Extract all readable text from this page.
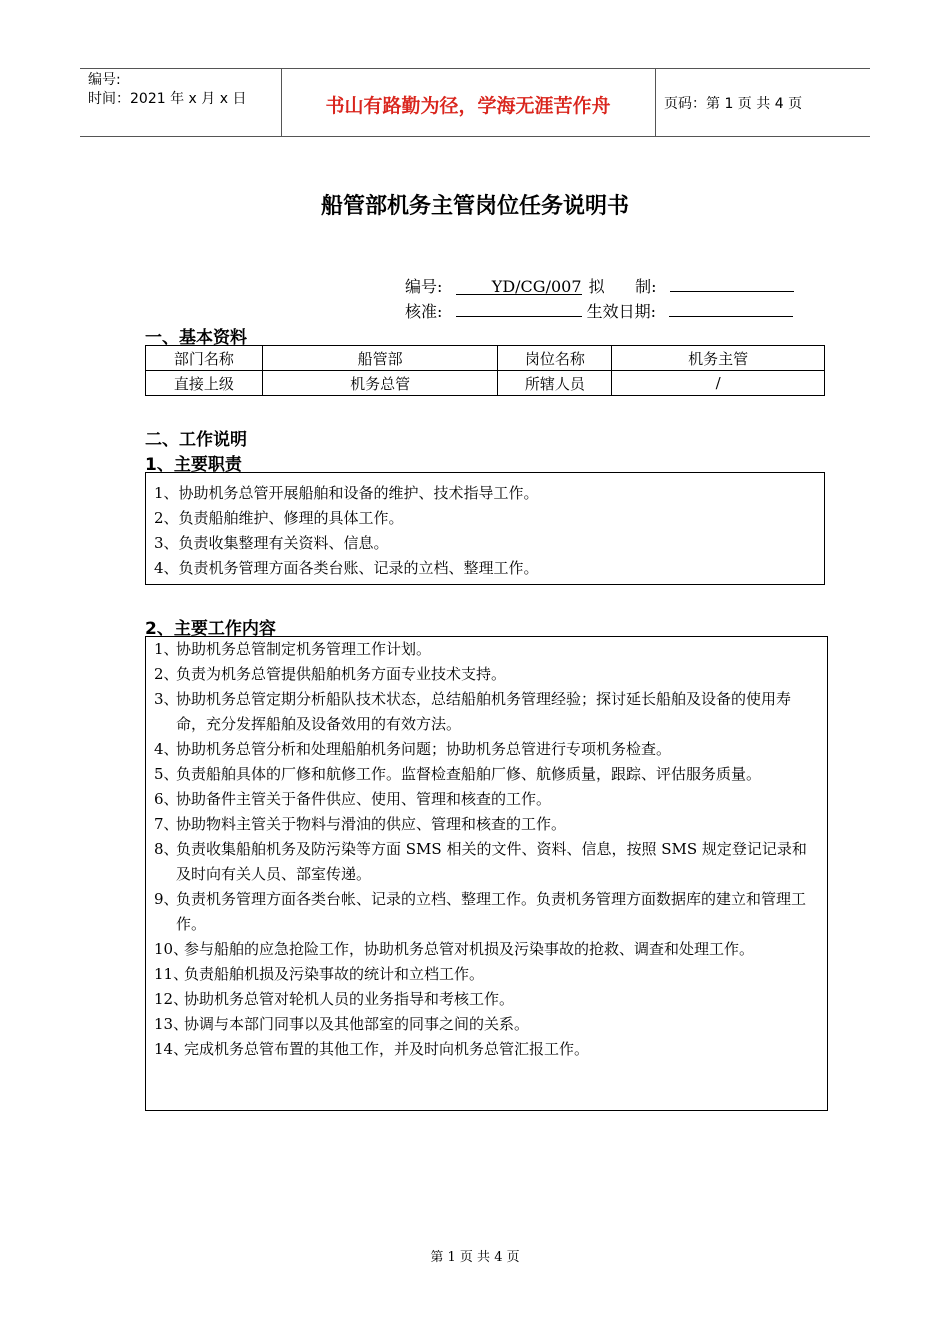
编号:
时间：2021 年 x 月 x 日	书山有路勤为径，学海无涯苦作舟	页码：第 1 页 共 4 页
船管部机务主管岗位任务说明书
编号:	YD/CG/007 拟      制:
核准:	生效日期:
一、基本资料
部门名称	船管部	岗位名称	机务主管
直接上级	机务总管	所辖人员	/
二、工作说明
1、主要职责
1、协助机务总管开展船舶和设备的维护、技术指导工作。
2、负责船舶维护、修理的具体工作。
3、负责收集整理有关资料、信息。
4、负责机务管理方面各类台账、记录的立档、整理工作。
2、主要工作内容
1、
协助机务总管制定机务管理工作计划。
2、
负责为机务总管提供船舶机务方面专业技术支持。
3、
协助机务总管定期分析船队技术状态，总结船舶机务管理经验；探讨延长船舶及设备的使用寿命，充分发挥船舶及设备效用的有效方法。
4、
协助机务总管分析和处理船舶机务问题；协助机务总管进行专项机务检查。
5、
负责船舶具体的厂修和航修工作。监督检查船舶厂修、航修质量，跟踪、评估服务质量。
6、
协助备件主管关于备件供应、使用、管理和核查的工作。
7、
协助物料主管关于物料与滑油的供应、管理和核查的工作。
8、
负责收集船舶机务及防污染等方面 SMS 相关的文件、资料、信息，按照 SMS 规定登记记录和及时向有关人员、部室传递。
9、
负责机务管理方面各类台帐、记录的立档、整理工作。负责机务管理方面数据库的建立和管理工作。
10、
参与船舶的应急抢险工作，协助机务总管对机损及污染事故的抢救、调查和处理工作。
11、
负责船舶机损及污染事故的统计和立档工作。
12、
协助机务总管对轮机人员的业务指导和考核工作。
13、
协调与本部门同事以及其他部室的同事之间的关系。
14、
完成机务总管布置的其他工作，并及时向机务总管汇报工作。
第 1 页 共 4 页
